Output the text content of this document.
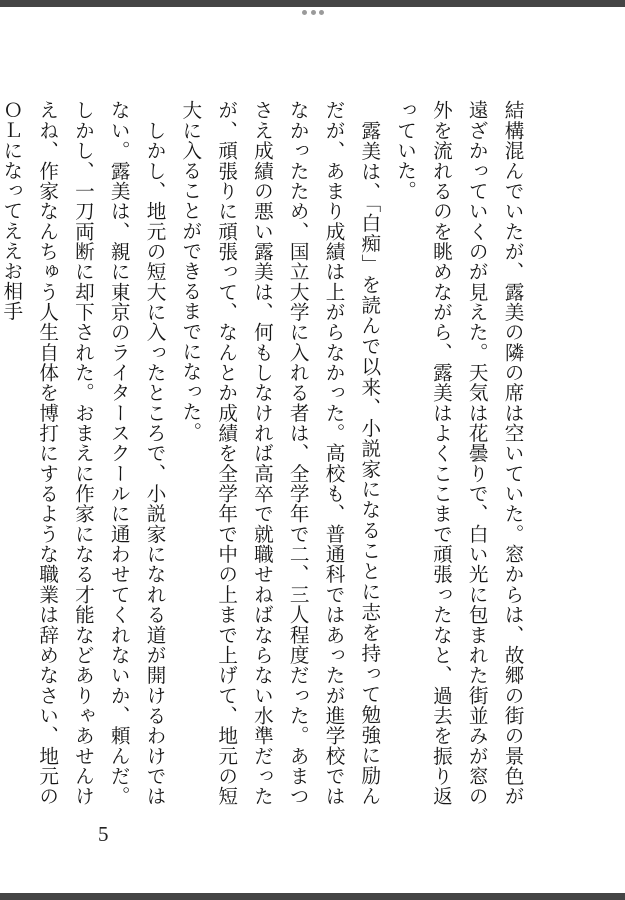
結構混んでいたが、露美の隣の席は空いていた。窓からは、故郷の街の景色が遠ざかっていくのが見えた。天気は花曇りで、白い光に包まれた街並みが窓の外を流れるのを眺めながら、露美はよくここまで頑張ったなと、過去を振り返っていた。

　露美は、「白痴」を読んで以来、小説家になることに志を持って勉強に励んだが、あまり成績は上がらなかった。高校も、普通科ではあったが進学校ではなかったため、国立大学に入れる者は、全学年で二、三人程度だった。あまつさえ成績の悪い露美は、何もしなければ高卒で就職せねばならない水準だったが、頑張りに頑張って、なんとか成績を全学年で中の上まで上げて、地元の短大に入ることができるまでになった。

　しかし、地元の短大に入ったところで、小説家になれる道が開けるわけではない。露美は、親に東京のライタースクールに通わせてくれないか、頼んだ。しかし、一刀両断に却下された。おまえに作家になる才能などありゃあせんけえね、作家なんちゅう人生自体を博打にするような職業は辞めなさい、地元のＯＬになってええお相手

5
